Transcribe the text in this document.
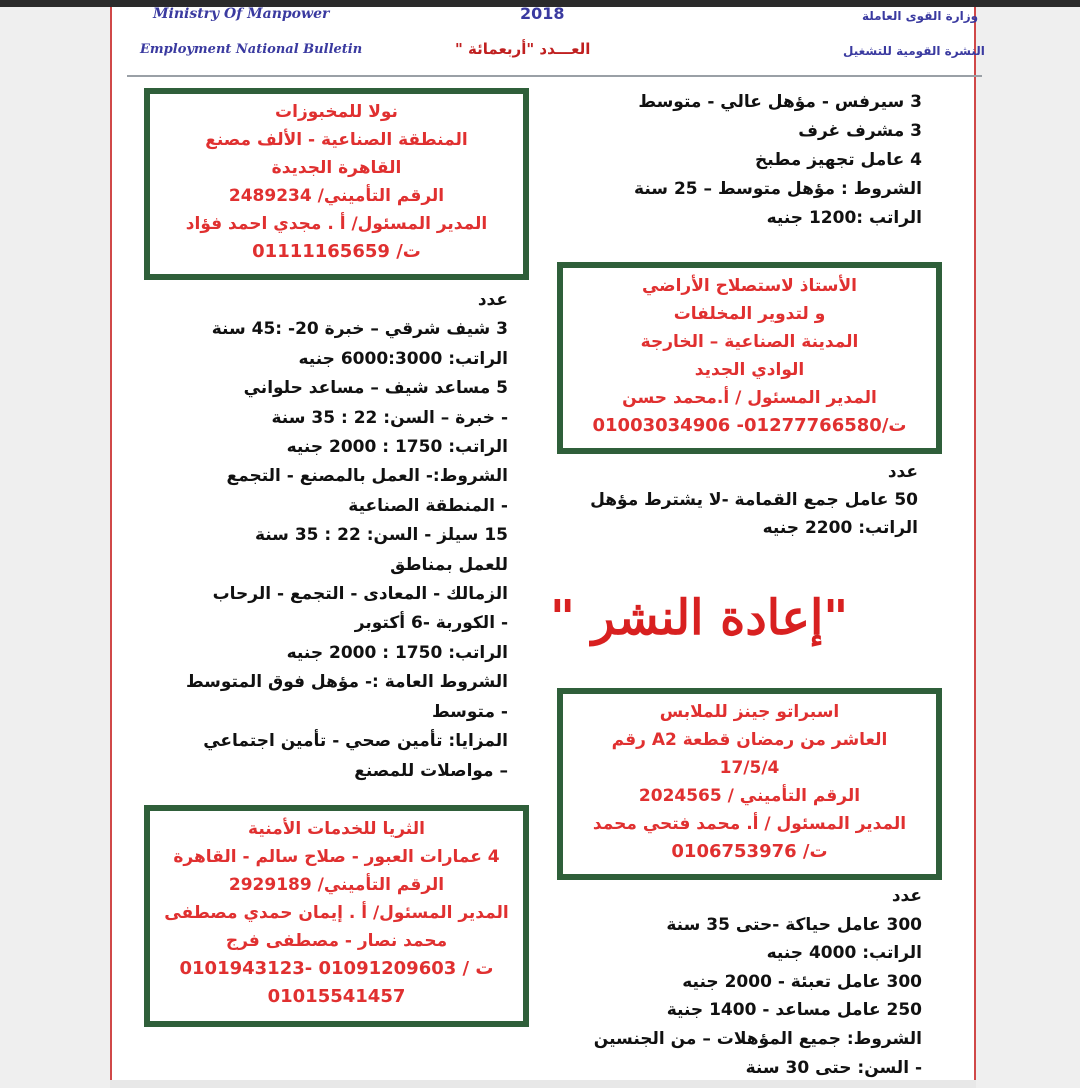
Ministry Of Manpower
Employment National Bulletin
2018
العـــدد "أربعمائة "
وزارة القوى العاملة
النشرة القومية للتشغيل
نولا للمخبوزات
المنطقة الصناعية - الألف مصنع
القاهرة الجديدة
الرقم التأميني/ 2489234
المدير المسئول/ أ . مجدي احمد فؤاد
ت/ 01111165659
3 سيرفس - مؤهل عالي - متوسط
3 مشرف غرف
4 عامل تجهيز مطبخ
الشروط : مؤهل متوسط – 25 سنة
الراتب :1200 جنيه
الأستاذ لاستصلاح الأراضي
و لتدوير المخلفات
المدينة الصناعية – الخارجة
الوادي الجديد
المدير المسئول / أ.محمد حسن
ت/01277766580- 01003034906
عدد
50 عامل جمع القمامة -لا يشترط مؤهل
الراتب: 2200 جنيه
عدد
3 شيف شرقي – خبرة 20- :45 سنة
الراتب: 6000:3000 جنيه
5 مساعد شيف – مساعد حلواني
- خبرة – السن: 22 : 35 سنة
الراتب: 1750 : 2000 جنيه
الشروط:- العمل بالمصنع - التجمع
- المنطقة الصناعية
15 سيلز - السن: 22 : 35 سنة
للعمل بمناطق
الزمالك - المعادى - التجمع - الرحاب
- الكوربة -6 أكتوبر
الراتب: 1750 : 2000 جنيه
الشروط العامة :- مؤهل فوق المتوسط
- متوسط
المزايا: تأمين صحي - تأمين اجتماعي
– مواصلات للمصنع
"إعادة النشر "
اسبراتو جينز للملابس
العاشر من رمضان قطعة A2 رقم
17/5/4
الرقم التأميني / 2024565
المدير المسئول / أ. محمد فتحي محمد
ت/ 0106753976
الثريا للخدمات الأمنية
4 عمارات العبور - صلاح سالم - القاهرة
الرقم التأميني/ 2929189
المدير المسئول/ أ . إيمان حمدي مصطفى
محمد نصار - مصطفى فرج
ت / 01091209603 -0101943123
01015541457
عدد
300 عامل حياكة -حتى 35 سنة
الراتب: 4000 جنيه
300 عامل تعبئة - 2000 جنيه
250 عامل مساعد - 1400 جنية
الشروط: جميع المؤهلات – من الجنسين
- السن: حتى 30 سنة
